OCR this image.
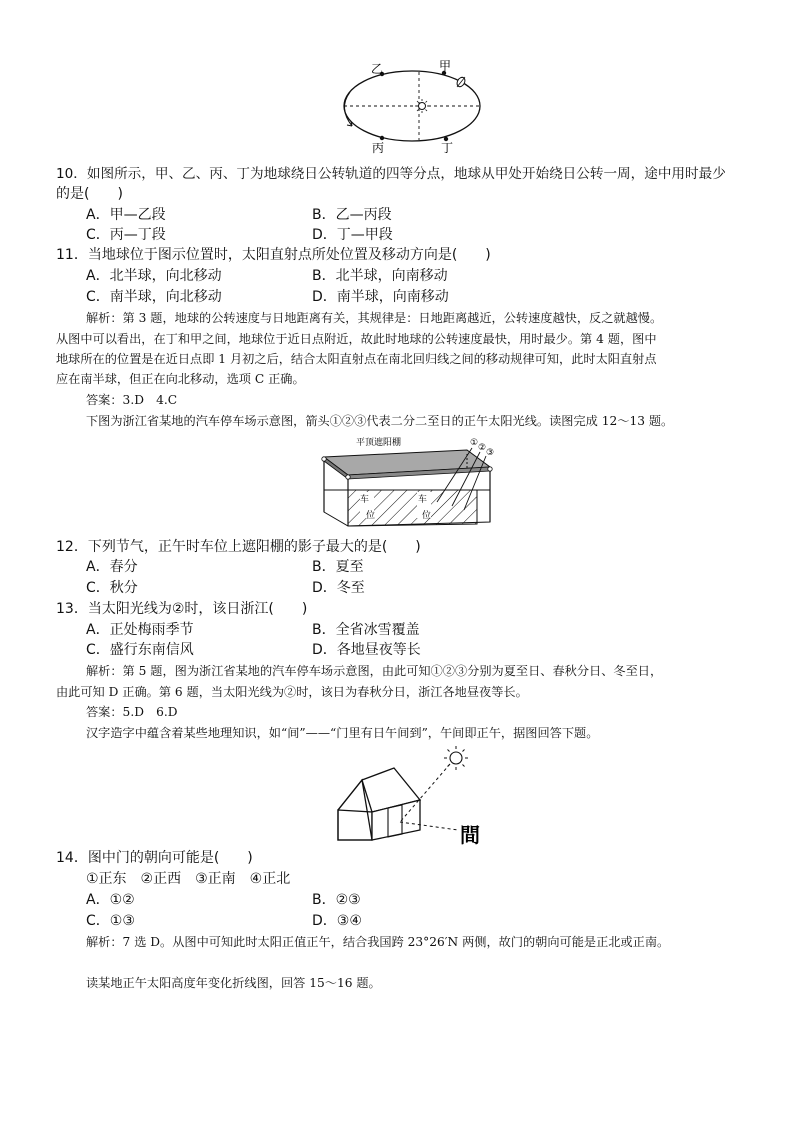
乙	甲
丙	丁
10．如图所示，甲、乙、丙、丁为地球绕日公转轨道的四等分点，地球从甲处开始绕日公转一周，途中用时最少
的是(　　)
A．甲—乙段	B．乙—丙段
C．丙—丁段	D．丁—甲段
11．当地球位于图示位置时，太阳直射点所处位置及移动方向是(　　)
A．北半球，向北移动	B．北半球，向南移动
C．南半球，向北移动	D．南半球，向南移动
解析：第 3 题，地球的公转速度与日地距离有关，其规律是：日地距离越近，公转速度越快，反之就越慢。
从图中可以看出，在丁和甲之间，地球位于近日点附近，故此时地球的公转速度最快，用时最少。第 4 题，图中
地球所在的位置是在近日点即 1 月初之后，结合太阳直射点在南北回归线之间的移动规律可知，此时太阳直射点
应在南半球，但正在向北移动，选项 C 正确。
答案：3.D　4.C
下图为浙江省某地的汽车停车场示意图，箭头①②③代表二分二至日的正午太阳光线。读图完成 12～13 题。
平顶遮阳棚	① ② ③
车
位
车
位
12．下列节气，正午时车位上遮阳棚的影子最大的是(　　)
A．春分	B．夏至
C．秋分	D．冬至
13．当太阳光线为②时，该日浙江(　　)
A．正处梅雨季节	B．全省冰雪覆盖
C．盛行东南信风	D．各地昼夜等长
解析：第 5 题，图为浙江省某地的汽车停车场示意图，由此可知①②③分别为夏至日、春秋分日、冬至日，
由此可知 D 正确。第 6 题，当太阳光线为②时，该日为春秋分日，浙江各地昼夜等长。
答案：5.D　6.D
汉字造字中蕴含着某些地理知识，如“间”——“门里有日午间到”，午间即正午，据图回答下题。
間
14．图中门的朝向可能是(　　)
①正东　②正西　③正南　④正北
A．①②	B．②③
C．①③	D．③④
解析：7 选 D。从图中可知此时太阳正值正午，结合我国跨 23°26′N 两侧，故门的朝向可能是正北或正南。
读某地正午太阳高度年变化折线图，回答 15～16 题。
